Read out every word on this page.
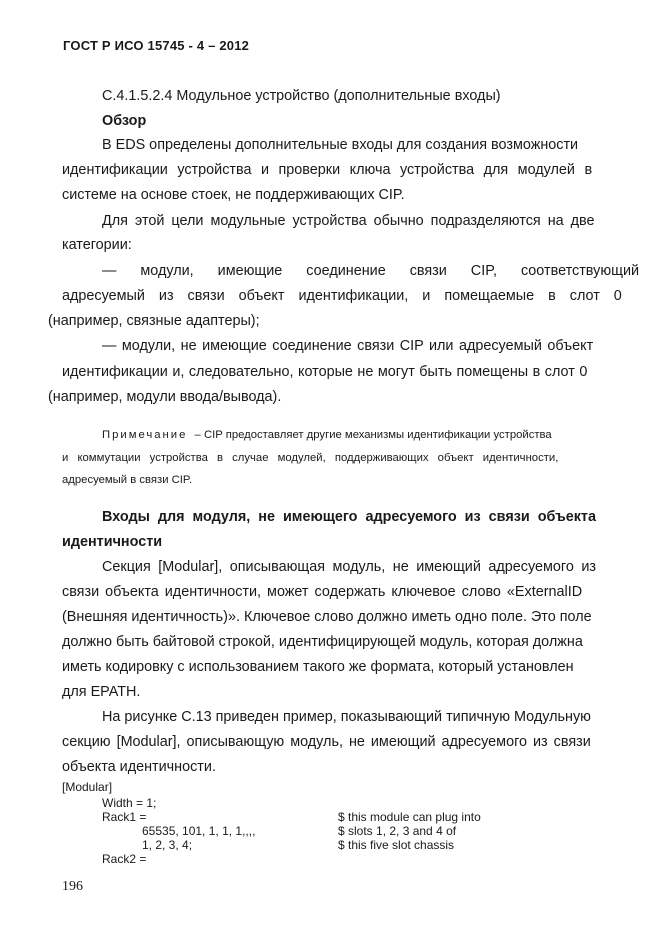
ГОСТ Р ИСО 15745 - 4 – 2012
С.4.1.5.2.4 Модульное устройство (дополнительные входы)
Обзор
В EDS определены дополнительные входы для создания возможности
идентификации устройства и проверки ключа устройства для модулей в
системе на основе стоек, не поддерживающих CIP.
Для этой цели модульные устройства обычно подразделяются на две
категории:
— модули, имеющие соединение связи CIP, соответствующий
адресуемый из связи объект идентификации, и помещаемые в слот 0
(например, связные адаптеры);
— модули, не имеющие соединение связи CIP или адресуемый объект
идентификации и, следовательно, которые не могут быть помещены в слот 0
(например, модули ввода/вывода).
Примечание – CIP предоставляет другие механизмы идентификации устройства
и коммутации устройства в случае модулей, поддерживающих объект идентичности,
адресуемый в связи CIP.
Входы для модуля, не имеющего адресуемого из связи объекта
идентичности
Секция [Modular], описывающая модуль, не имеющий адресуемого из
связи объекта идентичности, может содержать ключевое слово «ExternalID
(Внешняя идентичность)». Ключевое слово должно иметь одно поле. Это поле
должно быть байтовой строкой, идентифицирующей модуль, которая должна
иметь кодировку с использованием такого же формата, который установлен
для EPATH.
На рисунке С.13 приведен пример, показывающий типичную Модульную
секцию [Modular], описывающую модуль, не имеющий адресуемого из связи
объекта идентичности.
[Modular]
Width = 1;
Rack1 =	$ this module can plug into
65535, 101, 1, 1, 1,,,,	$ slots 1, 2, 3 and 4 of
1, 2, 3, 4;	$ this five slot chassis
Rack2 =
196
